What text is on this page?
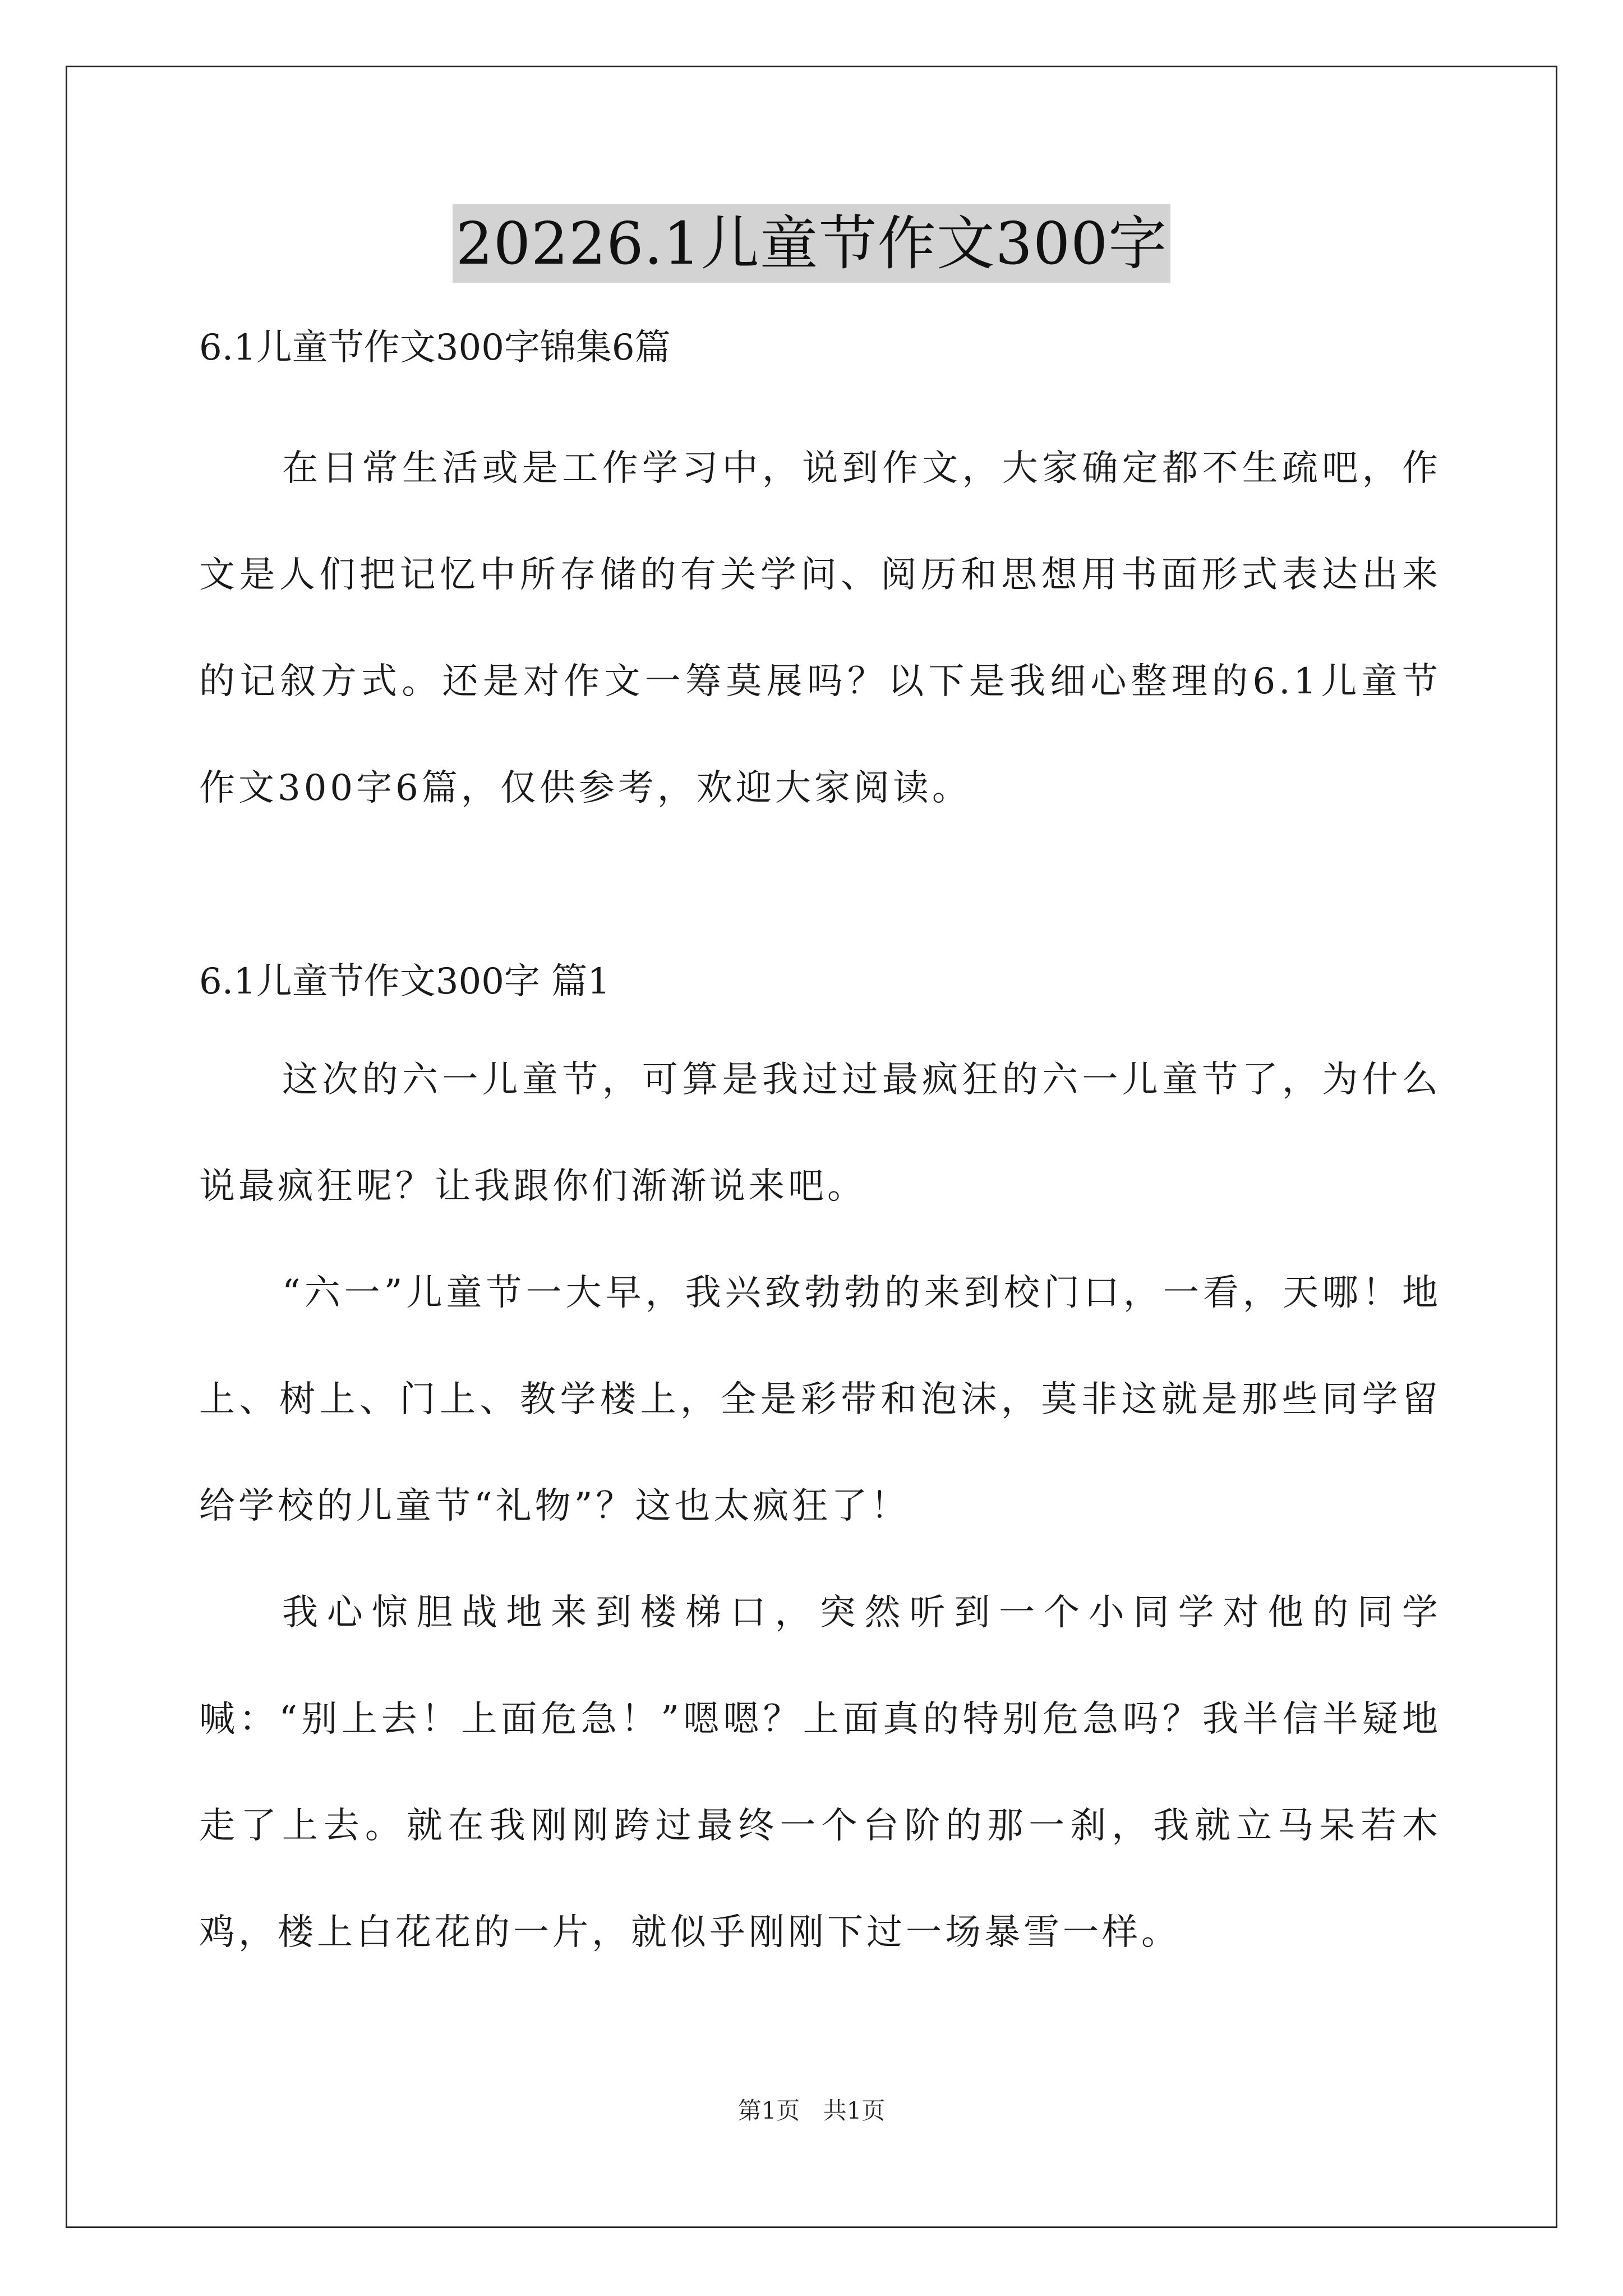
20226.1儿童节作文300字

6.1儿童节作文300字锦集6篇

在日常生活或是工作学习中，说到作文，大家确定都不生疏吧，作文是人们把记忆中所存储的有关学问、阅历和思想用书面形式表达出来的记叙方式。还是对作文一筹莫展吗？以下是我细心整理的6.1儿童节作文300字6篇，仅供参考，欢迎大家阅读。

6.1儿童节作文300字 篇1

这次的六一儿童节，可算是我过过最疯狂的六一儿童节了，为什么说最疯狂呢？让我跟你们渐渐说来吧。

“六一”儿童节一大早，我兴致勃勃的来到校门口，一看，天哪！地上、树上、门上、教学楼上，全是彩带和泡沫，莫非这就是那些同学留给学校的儿童节“礼物”？这也太疯狂了！

我心惊胆战地来到楼梯口，突然听到一个小同学对他的同学喊：“别上去！上面危急！”嗯嗯？上面真的特别危急吗？我半信半疑地走了上去。就在我刚刚跨过最终一个台阶的那一刹，我就立马呆若木鸡，楼上白花花的一片，就似乎刚刚下过一场暴雪一样。

第1页 共1页
